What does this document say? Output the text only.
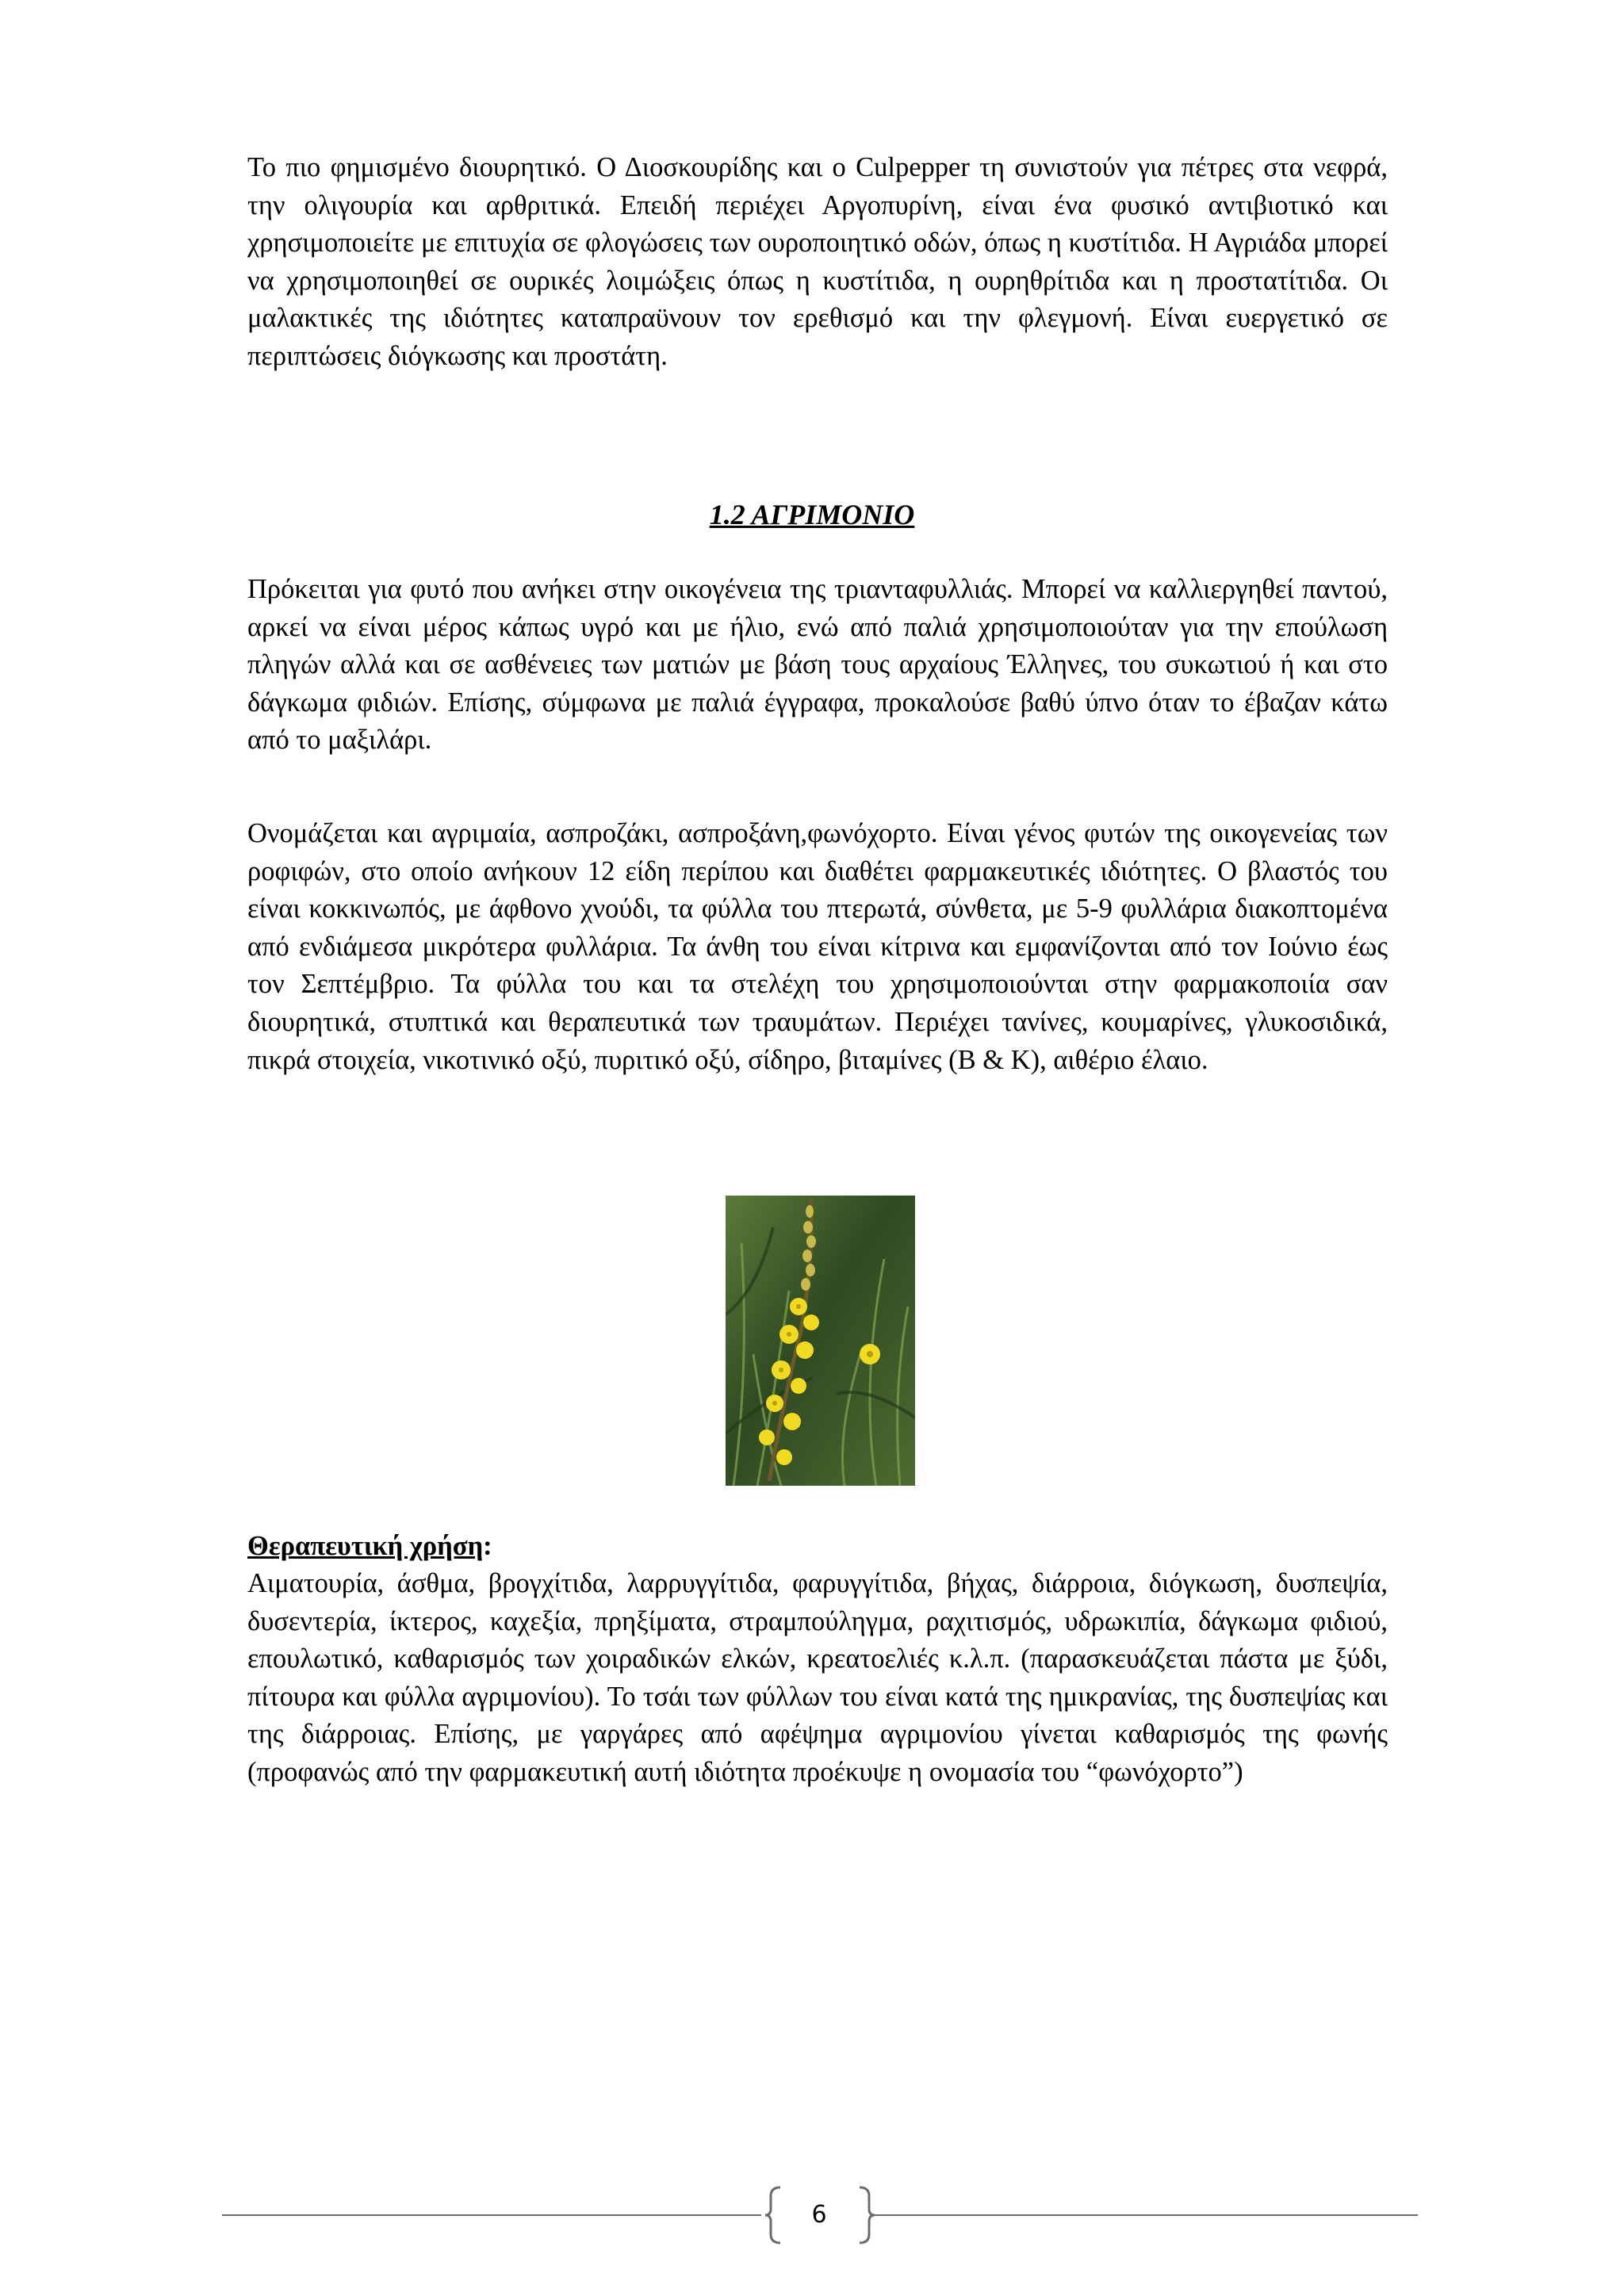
Το πιο φημισμένο διουρητικό. Ο Διοσκουρίδης και ο Culpepper τη συνιστούν για πέτρες στα νεφρά, την ολιγουρία και αρθριτικά. Επειδή περιέχει Αργοπυρίνη, είναι ένα φυσικό αντιβιοτικό και χρησιμοποιείτε με επιτυχία σε φλογώσεις των ουροποιητικό οδών, όπως η κυστίτιδα. Η Αγριάδα μπορεί να χρησιμοποιηθεί σε ουρικές λοιμώξεις όπως η κυστίτιδα, η ουρηθρίτιδα και η προστατίτιδα. Οι μαλακτικές της ιδιότητες καταπραϋνουν τον ερεθισμό και την φλεγμονή. Είναι ευεργετικό σε περιπτώσεις διόγκωσης και προστάτη.

1.2 ΑΓΡΙΜΟΝΙΟ

Πρόκειται για φυτό που ανήκει στην οικογένεια της τριανταφυλλιάς. Μπορεί να καλλιεργηθεί παντού, αρκεί να είναι μέρος κάπως υγρό και με ήλιο, ενώ από παλιά χρησιμοποιούταν για την επούλωση πληγών αλλά και σε ασθένειες των ματιών με βάση τους αρχαίους Έλληνες, του συκωτιού ή και στο δάγκωμα φιδιών. Επίσης, σύμφωνα με παλιά έγγραφα, προκαλούσε βαθύ ύπνο όταν το έβαζαν κάτω από το μαξιλάρι.

Ονομάζεται και αγριμαία, ασπροζάκι, ασπροξάνη,φωνόχορτο. Είναι γένος φυτών της οικογενείας των ροφιφών, στο οποίο ανήκουν 12 είδη περίπου και διαθέτει φαρμακευτικές ιδιότητες. Ο βλαστός του είναι κοκκινωπός, με άφθονο χνούδι, τα φύλλα του πτερωτά, σύνθετα, με 5-9 φυλλάρια διακοπτομένα από ενδιάμεσα μικρότερα φυλλάρια. Τα άνθη του είναι κίτρινα και εμφανίζονται από τον Ιούνιο έως τον Σεπτέμβριο. Τα φύλλα του και τα στελέχη του χρησιμοποιούνται στην φαρμακοποιία σαν διουρητικά, στυπτικά και θεραπευτικά των τραυμάτων. Περιέχει τανίνες, κουμαρίνες, γλυκοσιδικά, πικρά στοιχεία, νικοτινικό οξύ, πυριτικό οξύ, σίδηρο, βιταμίνες (Β & Κ), αιθέριο έλαιο.

Θεραπευτική χρήση:

Αιματουρία, άσθμα, βρογχίτιδα, λαρρυγγίτιδα, φαρυγγίτιδα, βήχας, διάρροια, διόγκωση, δυσπεψία, δυσεντερία, ίκτερος, καχεξία, πρηξίματα, στραμπούληγμα, ραχιτισμός, υδρωκιπία, δάγκωμα φιδιού, επουλωτικό, καθαρισμός των χοιραδικών ελκών, κρεατοελιές κ.λ.π. (παρασκευάζεται πάστα με ξύδι, πίτουρα και φύλλα αγριμονίου). Το τσάι των φύλλων του είναι κατά της ημικρανίας, της δυσπεψίας και της διάρροιας. Επίσης, με γαργάρες από αφέψημα αγριμονίου γίνεται καθαρισμός της φωνής (προφανώς από την φαρμακευτική αυτή ιδιότητα προέκυψε η ονομασία του “φωνόχορτο”)

6
